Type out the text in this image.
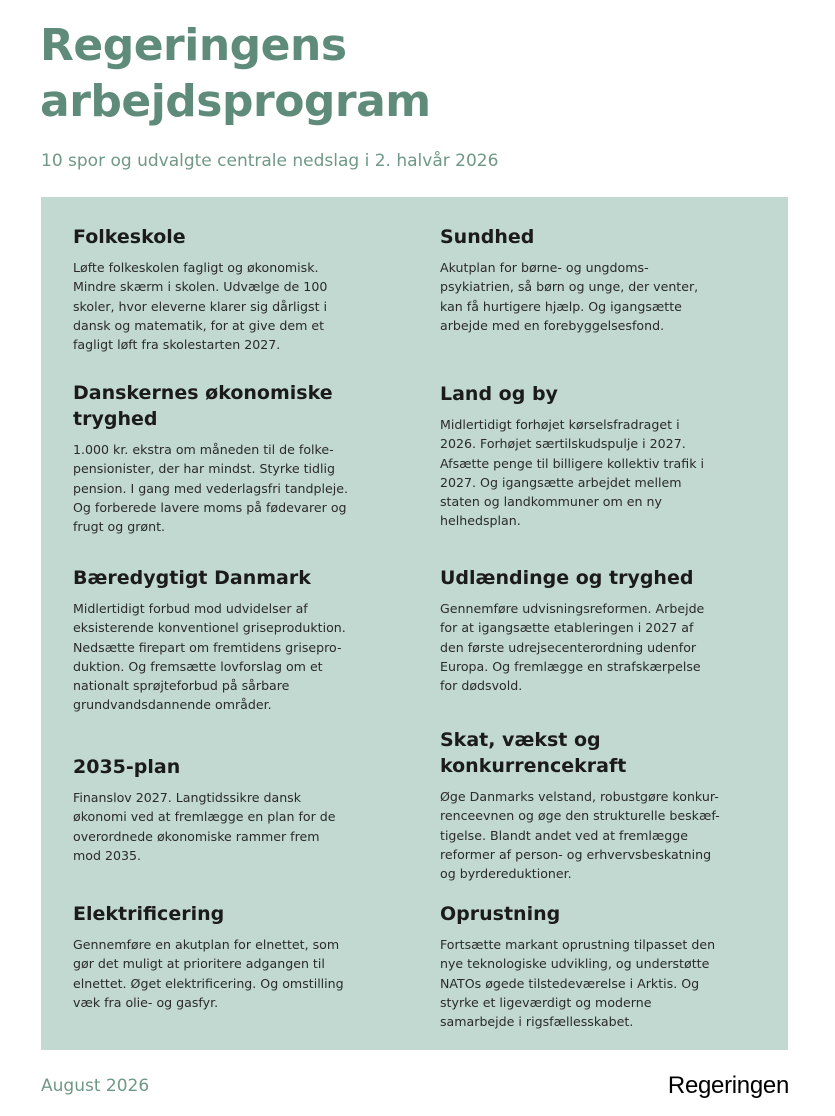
Regeringens
arbejdsprogram
10 spor og udvalgte centrale nedslag i 2. halvår 2026
Folkeskole

Løfte folkeskolen fagligt og økonomisk.
Mindre skærm i skolen. Udvælge de 100
skoler, hvor eleverne klarer sig dårligst i
dansk og matematik, for at give dem et
fagligt løft fra skolestarten 2027.

Danskernes økonomiske
tryghed

1.000 kr. ekstra om måneden til de folke-
pensionister, der har mindst. Styrke tidlig
pension. I gang med vederlagsfri tandpleje.
Og forberede lavere moms på fødevarer og
frugt og grønt.

Bæredygtigt Danmark

Midlertidigt forbud mod udvidelser af
eksisterende konventionel griseproduktion.
Nedsætte firepart om fremtidens grisepro-
duktion. Og fremsætte lovforslag om et
nationalt sprøjteforbud på sårbare
grundvandsdannende områder.

2035-plan

Finanslov 2027. Langtidssikre dansk
økonomi ved at fremlægge en plan for de
overordnede økonomiske rammer frem
mod 2035.

Elektrificering

Gennemføre en akutplan for elnettet, som
gør det muligt at prioritere adgangen til
elnettet. Øget elektrificering. Og omstilling
væk fra olie- og gasfyr.

Sundhed

Akutplan for børne- og ungdoms-
psykiatrien, så børn og unge, der venter,
kan få hurtigere hjælp. Og igangsætte
arbejde med en forebyggelsesfond.

Land og by

Midlertidigt forhøjet kørselsfradraget i
2026. Forhøjet særtilskudspulje i 2027.
Afsætte penge til billigere kollektiv trafik i
2027. Og igangsætte arbejdet mellem
staten og landkommuner om en ny
helhedsplan.

Udlændinge og tryghed

Gennemføre udvisningsreformen. Arbejde
for at igangsætte etableringen i 2027 af
den første udrejsecenterordning udenfor
Europa. Og fremlægge en strafskærpelse
for dødsvold.

Skat, vækst og
konkurrencekraft

Øge Danmarks velstand, robustgøre konkur-
renceevnen og øge den strukturelle beskæf-
tigelse. Blandt andet ved at fremlægge
reformer af person- og erhvervsbeskatning
og byrdereduktioner.

Oprustning

Fortsætte markant oprustning tilpasset den
nye teknologiske udvikling, og understøtte
NATOs øgede tilstedeværelse i Arktis. Og
styrke et ligeværdigt og moderne
samarbejde i rigsfællesskabet.

August 2026	Regeringen
